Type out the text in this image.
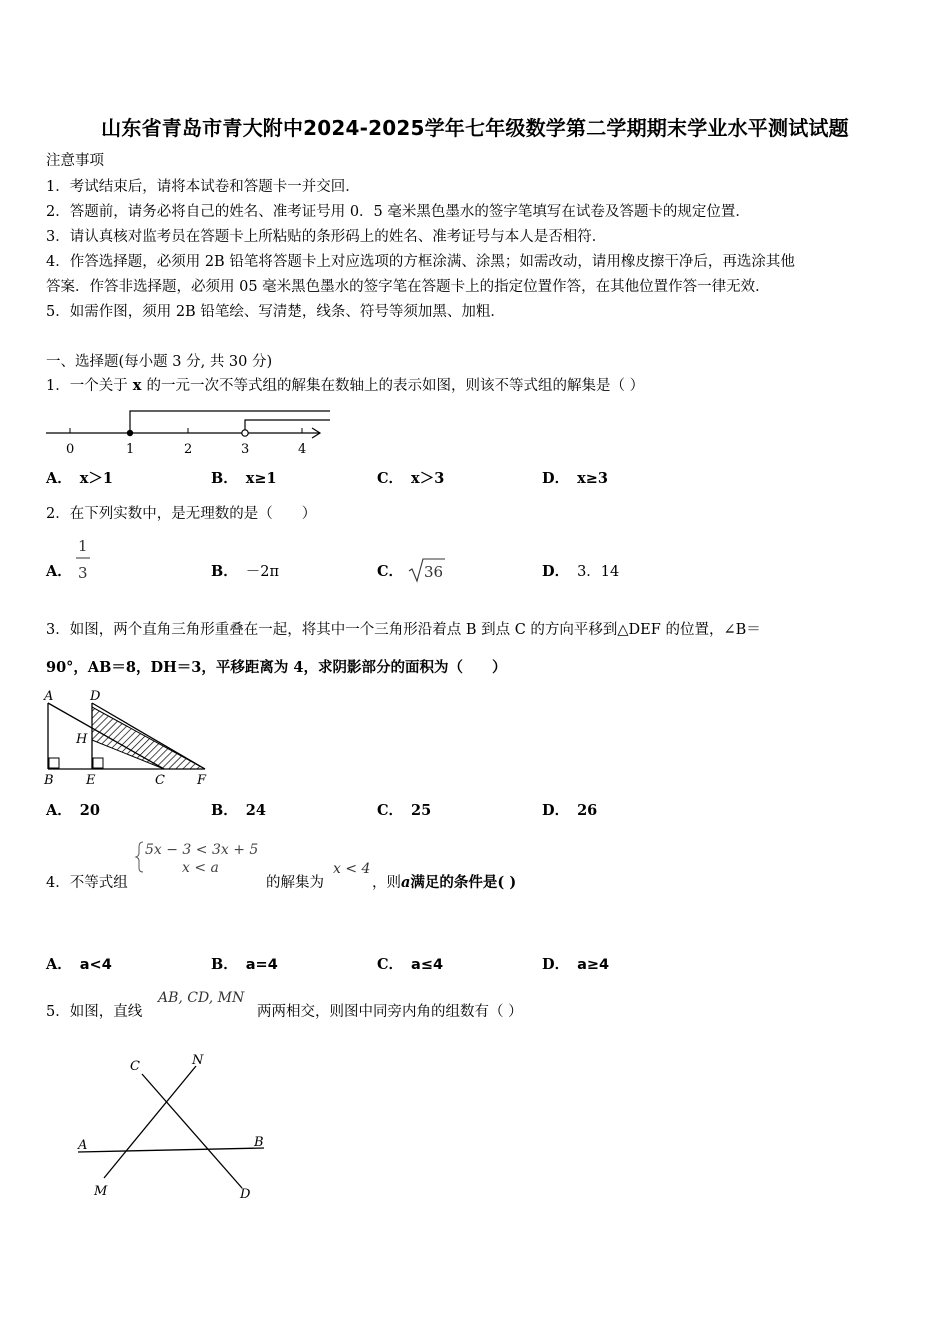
山东省青岛市青大附中2024-2025学年七年级数学第二学期期末学业水平测试试题
注意事项
1．考试结束后，请将本试卷和答题卡一并交回．
2．答题前，请务必将自己的姓名、准考证号用 0．5 毫米黑色墨水的签字笔填写在试卷及答题卡的规定位置．
3．请认真核对监考员在答题卡上所粘贴的条形码上的姓名、准考证号与本人是否相符．
4．作答选择题，必须用 2B 铅笔将答题卡上对应选项的方框涂满、涂黑；如需改动，请用橡皮擦干净后，再选涂其他
答案．作答非选择题，必须用 05 毫米黑色墨水的签字笔在答题卡上的指定位置作答，在其他位置作答一律无效．
5．如需作图，须用 2B 铅笔绘、写清楚，线条、符号等须加黑、加粗．
一、选择题(每小题 3 分, 共 30 分)
1．一个关于 x 的一元一次不等式组的解集在数轴上的表示如图，则该不等式组的解集是（ ）
0	1	2	3	4
A． x＞1	B． x≥1	C． x＞3	D． x≥3
2．在下列实数中，是无理数的是（　　）
A．
1
3	B． －2π	C．	36	D． 3．14
3．如图，两个直角三角形重叠在一起，将其中一个三角形沿着点 B 到点 C 的方向平移到△DEF 的位置，∠B＝
90°，AB＝8，DH＝3，平移距离为 4，求阴影部分的面积为（　　）
A	D
H
B E	C F
A． 20	B． 24	C． 25	D． 26
4．不等式组
5x − 3 < 3x + 5
x < a
的解集为
x < 4
，则a满足的条件是( )
A． a<4	B． a=4	C． a≤4	D． a≥4
5．如图，直线
AB, CD, MN
两两相交，则图中同旁内角的组数有（ ）
C	N
A	B
M	D
